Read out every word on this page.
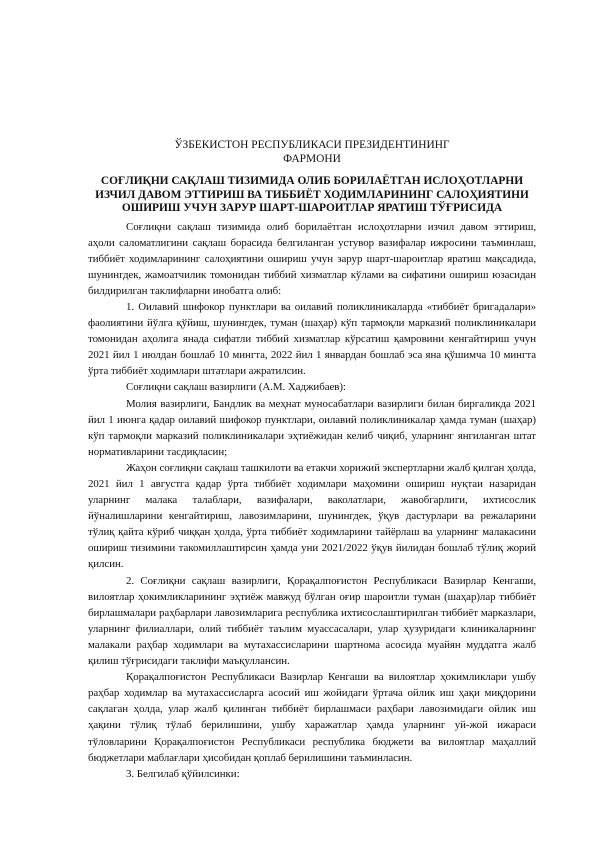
ЎЗБЕКИСТОН РЕСПУБЛИКАСИ ПРЕЗИДЕНТИНИНГ
ФАРМОНИ
СОҒЛИҚНИ САҚЛАШ ТИЗИМИДА ОЛИБ БОРИЛАЁТГАН ИСЛОҲОТЛАРНИ
ИЗЧИЛ ДАВОМ ЭТТИРИШ ВА ТИББИЁТ ХОДИМЛАРИНИНГ САЛОҲИЯТИНИ
ОШИРИШ УЧУН ЗАРУР ШАРТ-ШАРОИТЛАР ЯРАТИШ ТЎҒРИСИДА

Соғлиқни сақлаш тизимида олиб борилаётган ислоҳотларни изчил давом эттириш, аҳоли саломатлигини сақлаш борасида белгиланган устувор вазифалар ижросини таъминлаш, тиббиёт ходимларининг салоҳиятини ошириш учун зарур шарт-шароитлар яратиш мақсадида, шунингдек, жамоатчилик томонидан тиббий хизматлар кўлами ва сифатини ошириш юзасидан билдирилган таклифларни инобатга олиб:

1. Оилавий шифокор пунктлари ва оилавий поликлиникаларда «тиббиёт бригадалари» фаолиятини йўлга қўйиш, шунингдек, туман (шаҳар) кўп тармоқли марказий поликлиникалари томонидан аҳолига янада сифатли тиббий хизматлар кўрсатиш қамровини кенгайтириш учун 2021 йил 1 июлдан бошлаб 10 мингта, 2022 йил 1 январдан бошлаб эса яна қўшимча 10 мингта ўрта тиббиёт ходимлари штатлари ажратилсин.

Соғлиқни сақлаш вазирлиги (А.М. Хаджибаев):

Молия вазирлиги, Бандлик ва меҳнат муносабатлари вазирлиги билан биргаликда 2021 йил 1 июнга қадар оилавий шифокор пунктлари, оилавий поликлиникалар ҳамда туман (шаҳар) кўп тармоқли марказий поликлиникалари эҳтиёжидан келиб чиқиб, уларнинг янгиланган штат нормативларини тасдиқласин;

Жаҳон соғлиқни сақлаш ташкилоти ва етакчи хорижий экспертларни жалб қилган ҳолда, 2021 йил 1 августга қадар ўрта тиббиёт ходимлари маҳомини ошириш нуқтаи назаридан уларнинг малака талаблари, вазифалари, ваколатлари, жавобгарлиги, ихтисослик йўналишларини кенгайтириш, лавозимларини, шунингдек, ўқув дастурлари ва режаларини тўлиқ қайта кўриб чиққан ҳолда, ўрта тиббиёт ходимларини тайёрлаш ва уларнинг малакасини ошириш тизимини такомиллаштирсин ҳамда уни 2021/2022 ўқув йилидан бошлаб тўлиқ жорий қилсин.

2. Соғлиқни сақлаш вазирлиги, Қорақалпоғистон Республикаси Вазирлар Кенгаши, вилоятлар ҳокимликларининг эҳтиёж мавжуд бўлган оғир шароитли туман (шаҳар)лар тиббиёт бирлашмалари раҳбарлари лавозимларига республика ихтисослаштирилган тиббиёт марказлари, уларнинг филиаллари, олий тиббиёт таълим муассасалари, улар ҳузуридаги клиникаларнинг малакали раҳбар ходимлари ва мутахассисларини шартнома асосида муайян муддатга жалб қилиш тўғрисидаги таклифи маъқуллансин.

Қорақалпоғистон Республикаси Вазирлар Кенгаши ва вилоятлар ҳокимликлари ушбу раҳбар ходимлар ва мутахассисларга асосий иш жойидаги ўртача ойлик иш ҳақи миқдорини сақлаган ҳолда, улар жалб қилинган тиббиёт бирлашмаси раҳбари лавозимидаги ойлик иш ҳақини тўлиқ тўлаб берилишини, ушбу харажатлар ҳамда уларнинг уй-жой ижараси тўловларини Қорақалпоғистон Республикаси республика бюджети ва вилоятлар маҳаллий бюджетлари маблағлари ҳисобидан қоплаб берилишини таъминласин.

3. Белгилаб қўйилсинки:
